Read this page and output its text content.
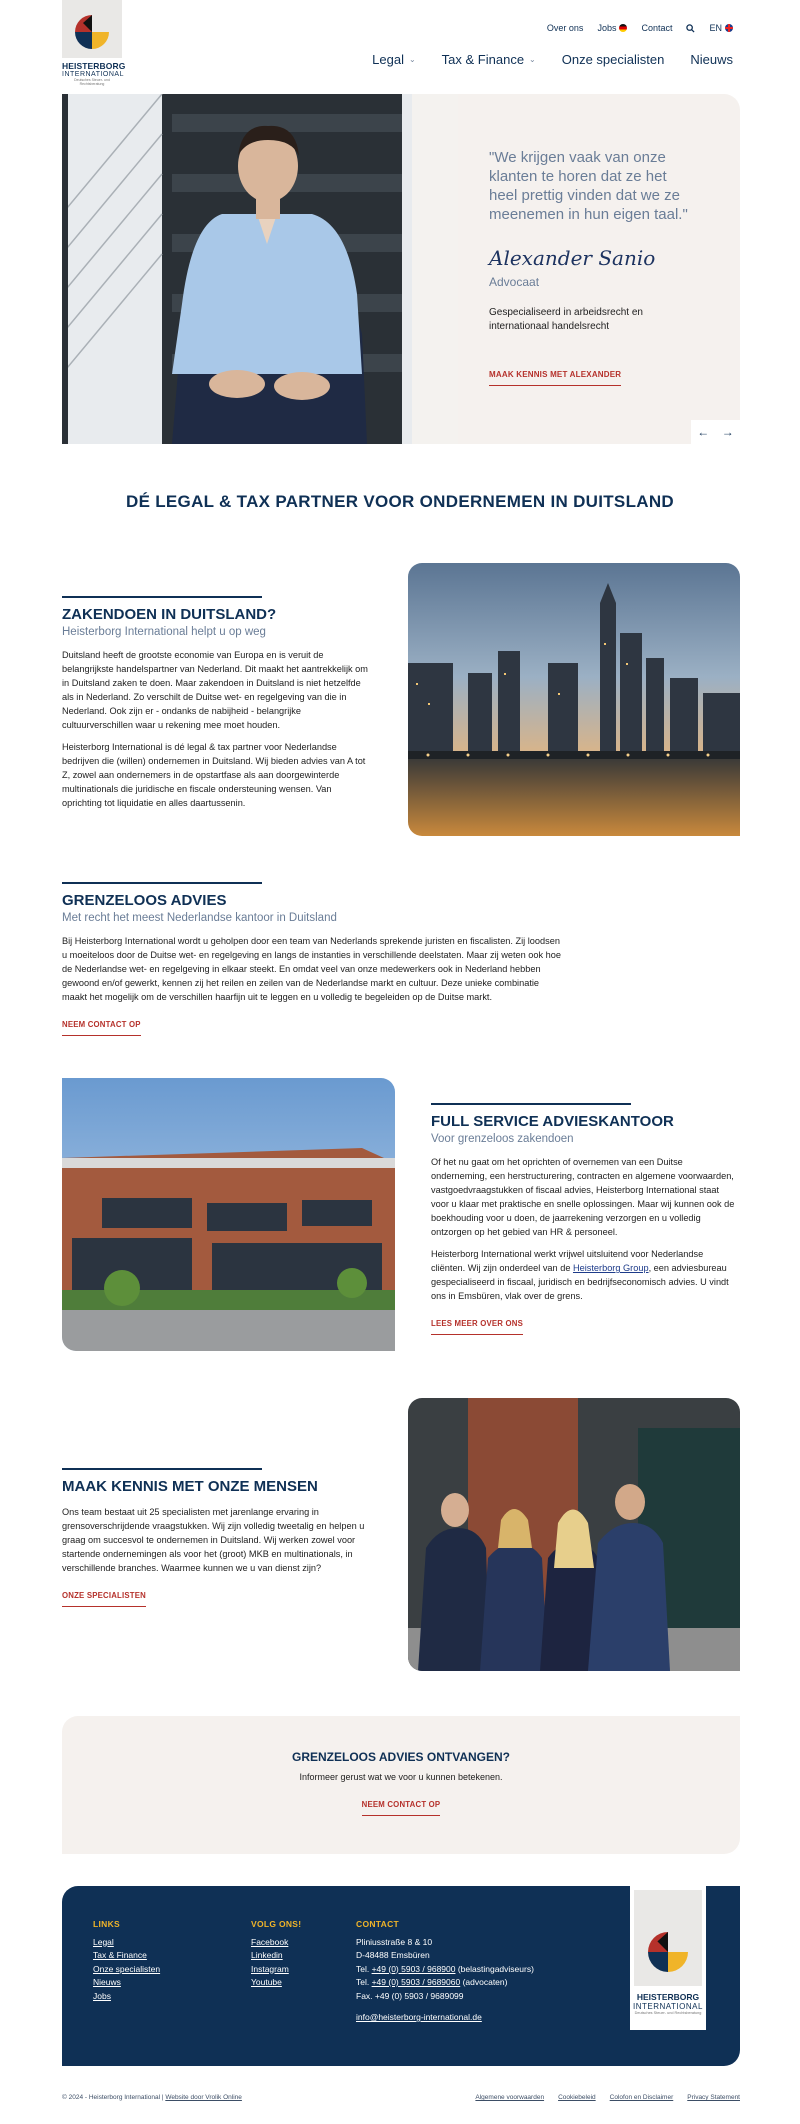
HEISTERBORG
INTERNATIONAL
Deutsches Steuer- und Rechtsberatung
Over ons Jobs	Contact	EN
Legal ⌄ Tax & Finance ⌄ Onze specialisten Nieuws
"We krijgen vaak van onze klanten te horen dat ze het heel prettig vinden dat we ze meenemen in hun eigen taal."
Alexander Sanio
Advocaat
Gespecialiseerd in arbeidsrecht en internationaal handelsrecht
MAAK KENNIS MET ALEXANDER
← →
DÉ LEGAL & TAX PARTNER VOOR ONDERNEMEN IN DUITSLAND
ZAKENDOEN IN DUITSLAND?
Heisterborg International helpt u op weg

Duitsland heeft de grootste economie van Europa en is veruit de belangrijkste handelspartner van Nederland. Dit maakt het aantrekkelijk om in Duitsland zaken te doen. Maar zakendoen in Duitsland is niet hetzelfde als in Nederland. Zo verschilt de Duitse wet- en regelgeving van die in Nederland. Ook zijn er - ondanks de nabijheid - belangrijke cultuurverschillen waar u rekening mee moet houden.

Heisterborg International is dé legal & tax partner voor Nederlandse bedrijven die (willen) ondernemen in Duitsland. Wij bieden advies van A tot Z, zowel aan ondernemers in de opstartfase als aan doorgewinterde multinationals die juridische en fiscale ondersteuning wensen. Van oprichting tot liquidatie en alles daartussenin.

GRENZELOOS ADVIES
Met recht het meest Nederlandse kantoor in Duitsland

Bij Heisterborg International wordt u geholpen door een team van Nederlands sprekende juristen en fiscalisten. Zij loodsen u moeiteloos door de Duitse wet- en regelgeving en langs de instanties in verschillende deelstaten. Maar zij weten ook hoe de Nederlandse wet- en regelgeving in elkaar steekt. En omdat veel van onze medewerkers ook in Nederland hebben gewoond en/of gewerkt, kennen zij het reilen en zeilen van de Nederlandse markt en cultuur. Deze unieke combinatie maakt het mogelijk om de verschillen haarfijn uit te leggen en u volledig te begeleiden op de Duitse markt.

NEEM CONTACT OP
FULL SERVICE ADVIESKANTOOR
Voor grenzeloos zakendoen

Of het nu gaat om het oprichten of overnemen van een Duitse onderneming, een herstructurering, contracten en algemene voorwaarden, vastgoedvraagstukken of fiscaal advies, Heisterborg International staat voor u klaar met praktische en snelle oplossingen. Maar wij kunnen ook de boekhouding voor u doen, de jaarrekening verzorgen en u volledig ontzorgen op het gebied van HR & personeel.

Heisterborg International werkt vrijwel uitsluitend voor Nederlandse cliënten. Wij zijn onderdeel van de Heisterborg Group, een adviesbureau gespecialiseerd in fiscaal, juridisch en bedrijfseconomisch advies. U vindt ons in Emsbüren, vlak over de grens.

LEES MEER OVER ONS
MAAK KENNIS MET ONZE MENSEN

Ons team bestaat uit 25 specialisten met jarenlange ervaring in grensoverschrijdende vraagstukken. Wij zijn volledig tweetalig en helpen u graag om succesvol te ondernemen in Duitsland. Wij werken zowel voor startende ondernemingen als voor het (groot) MKB en multinationals, in verschillende branches. Waarmee kunnen we u van dienst zijn?

ONZE SPECIALISTEN
GRENZELOOS ADVIES ONTVANGEN?

Informeer gerust wat we voor u kunnen betekenen.

NEEM CONTACT OP
LINKS
Legal
Tax & Finance
Onze specialisten
Nieuws
Jobs
VOLG ONS!
Facebook
Linkedin
Instagram
Youtube
CONTACT
Pliniusstraße 8 & 10
D-48488 Emsbüren
Tel. +49 (0) 5903 / 968900 (belastingadviseurs)
Tel. +49 (0) 5903 / 9689060 (advocaten)
Fax. +49 (0) 5903 / 9689099
info@heisterborg-international.de
HEISTERBORG
INTERNATIONAL
Deutsches Steuer- und Rechtsberatung
© 2024 - Heisterborg International | Website door Vrolik Online	Algemene voorwaarden Cookiebeleid Colofon en Disclaimer Privacy Statement
